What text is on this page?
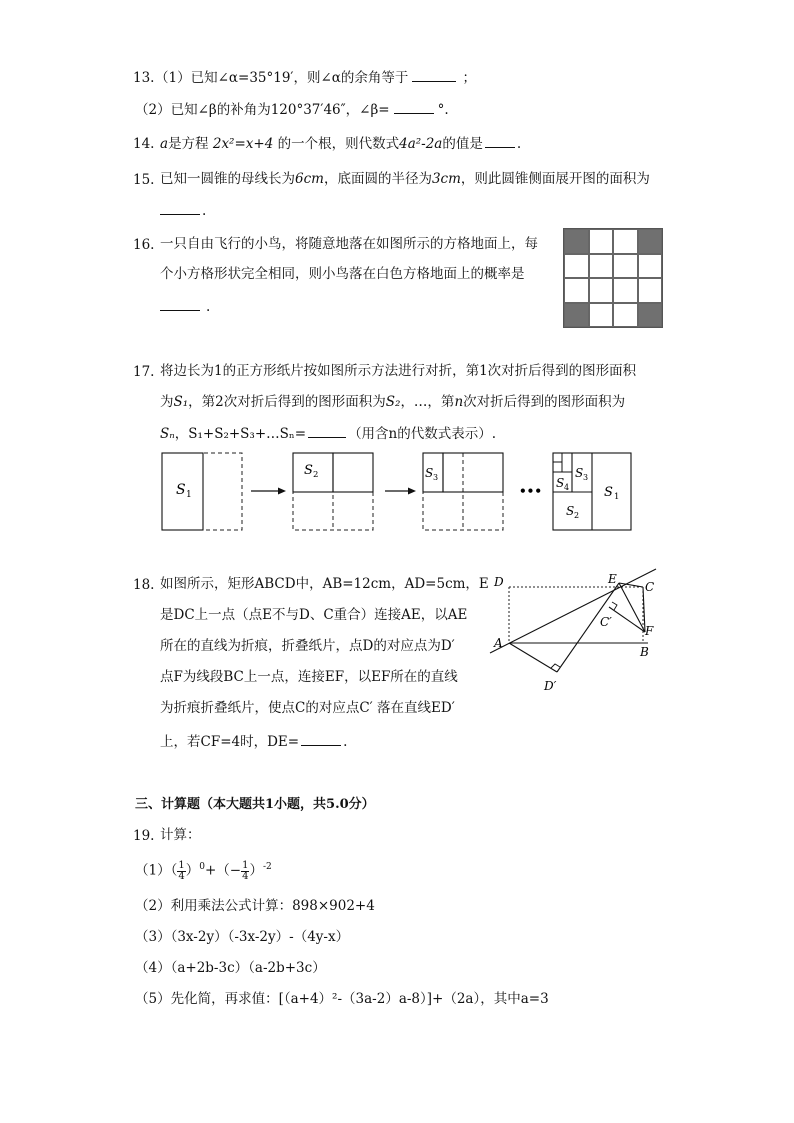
13. （1）已知∠α=35°19′，则∠α的余角等于	；
（2）已知∠β的补角为120°37′46″，∠β=	°.
14. a是方程 2x²=x+4 的一个根，则代数式4a²-2a的值是	.
15. 已知一圆锥的母线长为6cm，底面圆的半径为3cm，则此圆锥侧面展开图的面积为
.
16. 一只自由飞行的小鸟，将随意地落在如图所示的方格地面上，每
个小方格形状完全相同，则小鸟落在白色方格地面上的概率是
.
17. 将边长为1的正方形纸片按如图所示方法进行对折，第1次对折后得到的图形面积
为S₁，第2次对折后得到的图形面积为S₂，…，第n次对折后得到的图形面积为
Sₙ，S₁+S₂+S₃+…Sₙ=	（用含n的代数式表示）.
S 1
S 2	S 3
•••
S 3
S 4
S 2
S 1
18. 如图所示，矩形ABCD中，AB=12cm，AD=5cm，E
是DC上一点（点E不与D、C重合）连接AE，以AE
所在的直线为折痕，折叠纸片，点D的对应点为D′
点F为线段BC上一点，连接EF，以EF所在的直线
为折痕折叠纸片，使点C的对应点C′ 落在直线ED′
上，若CF=4时，DE=	.
D	E
C
C′
A
F
B
D′
三、计算题（本大题共1小题，共5.0分）
19. 计算：
$(1)( \frac{1}{4} )^0+(- \frac{1}{4} )^{-2}$
（2）利用乘法公式计算：898×902+4
（3）（3x-2y）（-3x-2y）-（4y-x）
（4）（a+2b-3c）（a-2b+3c）
（5）先化简，再求值：[（a+4）²-（3a-2）a-8）]+（2a），其中a=3
